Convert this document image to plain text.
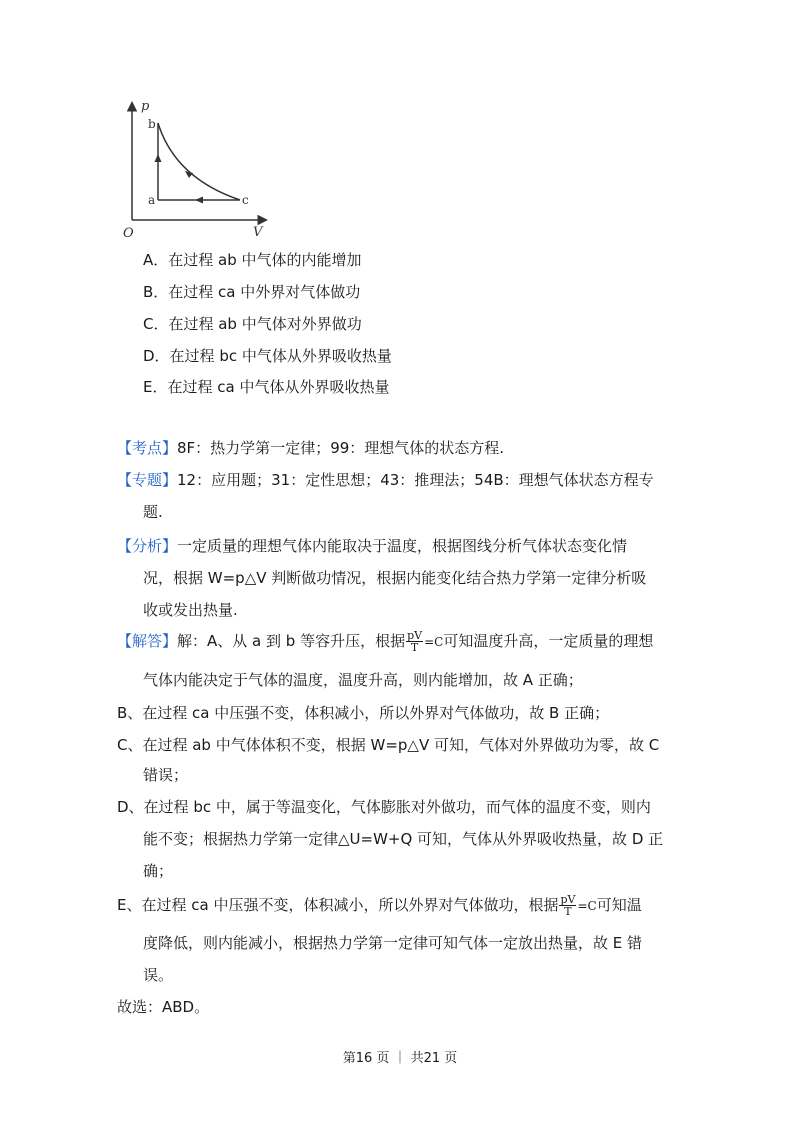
p
V
O
b
a	c
A．在过程 ab 中气体的内能增加
B．在过程 ca 中外界对气体做功
C．在过程 ab 中气体对外界做功
D．在过程 bc 中气体从外界吸收热量
E．在过程 ca 中气体从外界吸收热量
【考点】8F：热力学第一定律；99：理想气体的状态方程.
【专题】12：应用题；31：定性思想；43：推理法；54B：理想气体状态方程专
题.
【分析】一定质量的理想气体内能取决于温度，根据图线分析气体状态变化情
况，根据 W=p△V 判断做功情况，根据内能变化结合热力学第一定律分析吸
收或发出热量.
【解答】解：A、从 a 到 b 等容升压，根据 $\frac{pV}{T} =C$可知温度升高，一定质量的理想
气体内能决定于气体的温度，温度升高，则内能增加，故 A 正确；
B、在过程 ca 中压强不变，体积减小，所以外界对气体做功，故 B 正确；
C、在过程 ab 中气体体积不变，根据 W=p△V 可知，气体对外界做功为零，故 C
错误；
D、在过程 bc 中，属于等温变化，气体膨胀对外做功，而气体的温度不变，则内
能不变；根据热力学第一定律△U=W+Q 可知，气体从外界吸收热量，故 D 正
确；
E、在过程 ca 中压强不变，体积减小，所以外界对气体做功，根据 $\frac{pV}{T} =C$可知温
度降低，则内能减小，根据热力学第一定律可知气体一定放出热量，故 E 错
误。
故选：ABD。
第16 页 ｜ 共21 页
